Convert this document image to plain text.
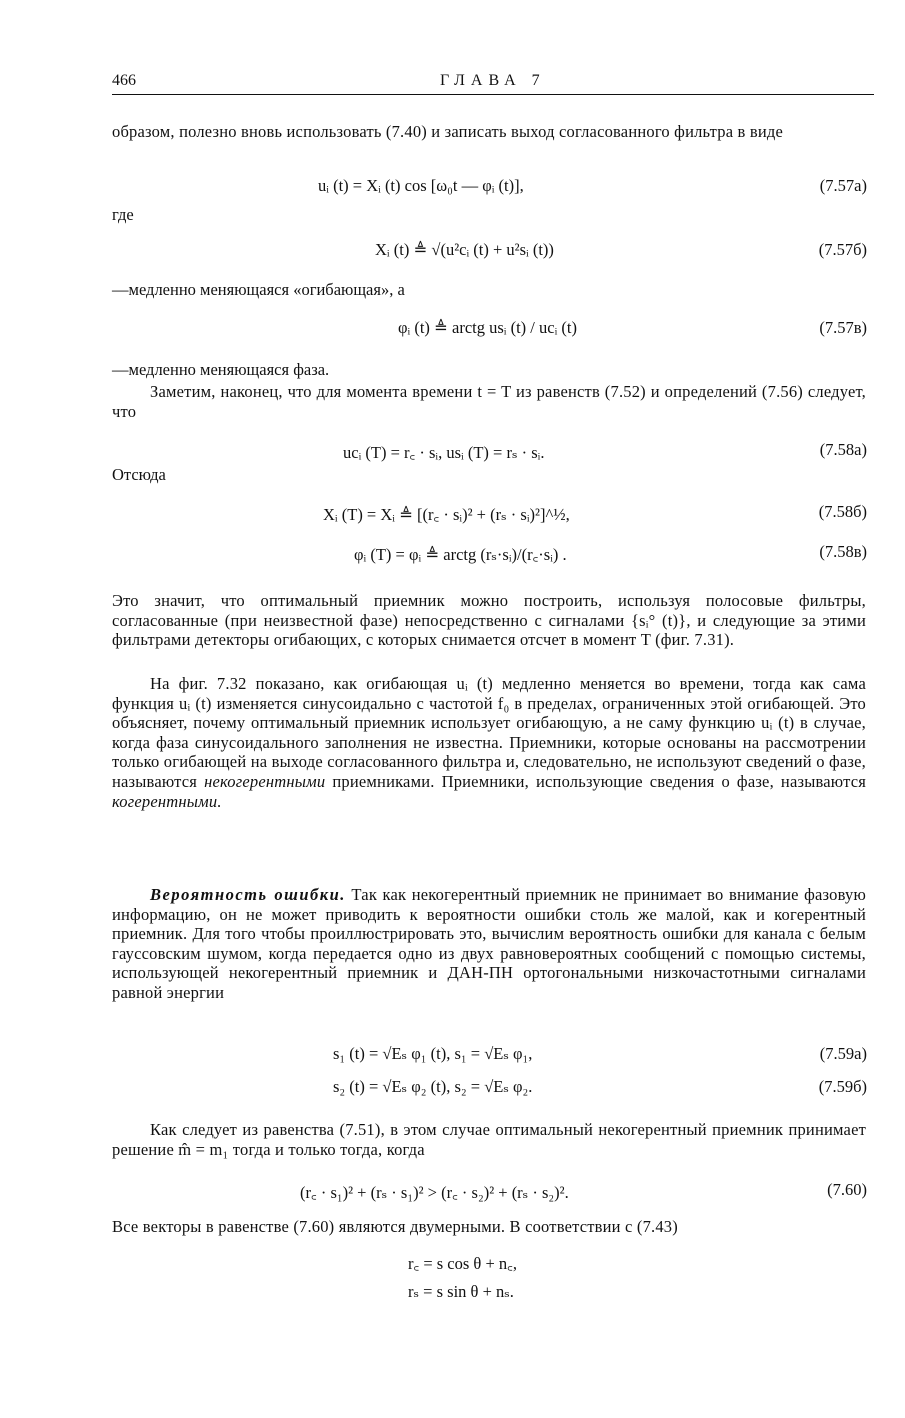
466	ГЛАВА 7
образом, полезно вновь использовать (7.40) и записать выход согласованного фильтра в виде
uᵢ (t) = Xᵢ (t) cos [ω₀t — φᵢ (t)],	(7.57а)
где
Xᵢ (t) ≜ √(u²cᵢ (t) + u²sᵢ (t))	(7.57б)
—медленно меняющаяся «огибающая», а
φᵢ (t) ≜ arctg usᵢ (t) / ucᵢ (t)	(7.57в)
—медленно меняющаяся фаза.
Заметим, наконец, что для момента времени t = T из равенств (7.52) и определений (7.56) следует, что
ucᵢ (T) = r꜀ · sᵢ, usᵢ (T) = rₛ · sᵢ.	(7.58а)
Отсюда
Xᵢ (T) = Xᵢ ≜ [(r꜀ · sᵢ)² + (rₛ · sᵢ)²]^½,	(7.58б)
φᵢ (T) = φᵢ ≜ arctg (rₛ·sᵢ)/(r꜀·sᵢ) .	(7.58в)
Это значит, что оптимальный приемник можно построить, используя полосовые фильтры, согласованные (при неизвестной фазе) непосредственно с сигналами {sᵢ° (t)}, и следующие за этими фильтрами детекторы огибающих, с которых снимается отсчет в момент T (фиг. 7.31).
На фиг. 7.32 показано, как огибающая uᵢ (t) медленно меняется во времени, тогда как сама функция uᵢ (t) изменяется синусоидально с частотой f₀ в пределах, ограниченных этой огибающей. Это объясняет, почему оптимальный приемник использует огибающую, а не саму функцию uᵢ (t) в случае, когда фаза синусоидального заполнения не известна. Приемники, которые основаны на рассмотрении только огибающей на выходе согласованного фильтра и, следовательно, не используют сведений о фазе, называются некогерентными приемниками. Приемники, использующие сведения о фазе, называются когерентными.
Вероятность ошибки. Так как некогерентный приемник не принимает во внимание фазовую информацию, он не может приводить к вероятности ошибки столь же малой, как и когерентный приемник. Для того чтобы проиллюстрировать это, вычислим вероятность ошибки для канала с белым гауссовским шумом, когда передается одно из двух равновероятных сообщений с помощью системы, использующей некогерентный приемник и ДАН-ПН ортогональными низкочастотными сигналами равной энергии
s₁ (t) = √Eₛ φ₁ (t), s₁ = √Eₛ φ₁,	(7.59а)
s₂ (t) = √Eₛ φ₂ (t), s₂ = √Eₛ φ₂.	(7.59б)
Как следует из равенства (7.51), в этом случае оптимальный некогерентный приемник принимает решение m̂ = m₁ тогда и только тогда, когда
(r꜀ · s₁)² + (rₛ · s₁)² > (r꜀ · s₂)² + (rₛ · s₂)².	(7.60)
Все векторы в равенстве (7.60) являются двумерными. В соответствии с (7.43)
r꜀ = s cos θ + n꜀,
rₛ = s sin θ + nₛ.
